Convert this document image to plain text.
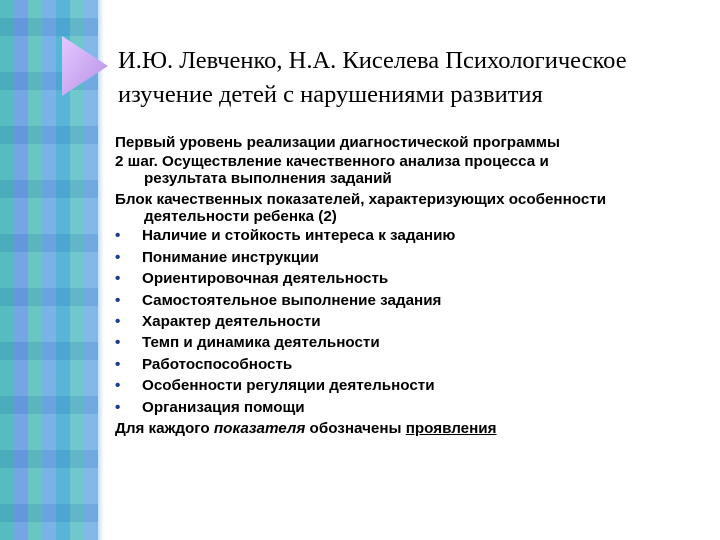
И.Ю. Левченко, Н.А. Киселева Психологическое
изучение детей с нарушениями развития
Первый уровень реализации диагностической программы
2 шаг. Осуществление качественного анализа процесса и
результата выполнения заданий
Блок качественных показателей, характеризующих особенности
деятельности ребенка (2)
• Наличие и стойкость интереса к заданию
• Понимание инструкции
• Ориентировочная деятельность
• Самостоятельное выполнение задания
• Характер деятельности
• Темп и динамика деятельности
• Работоспособность
• Особенности регуляции деятельности
• Организация помощи
Для каждого показателя обозначены проявления
